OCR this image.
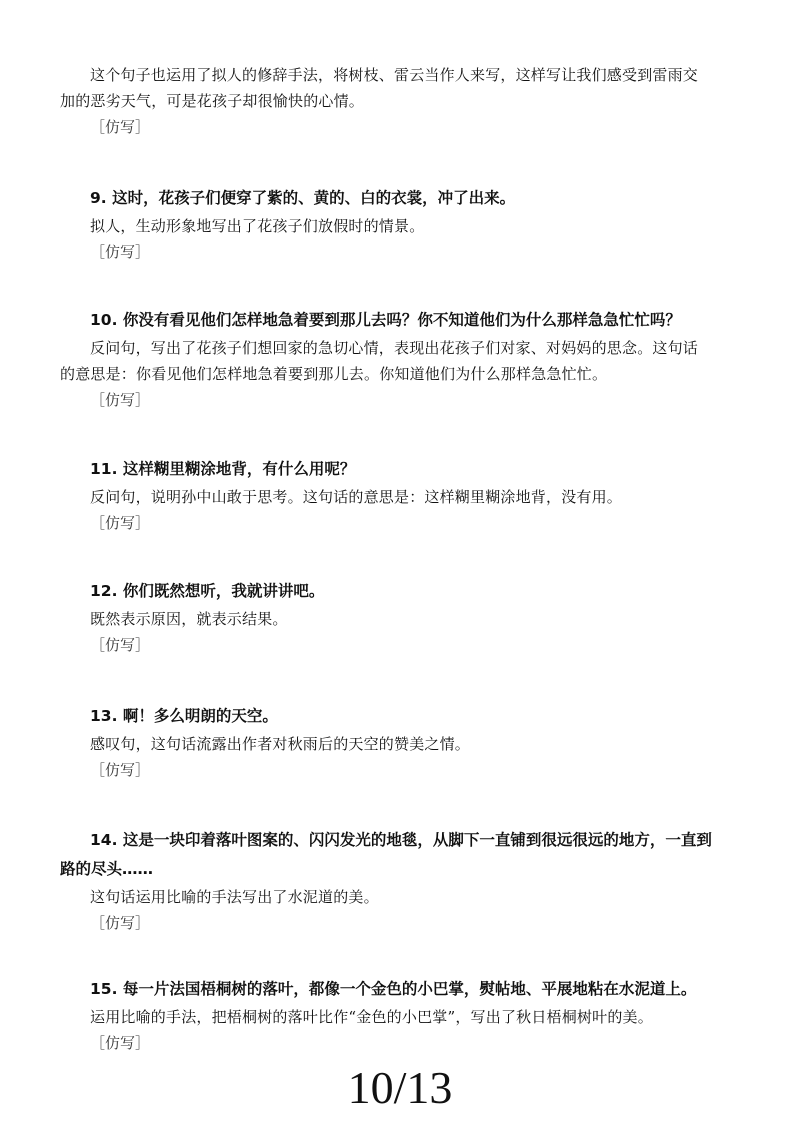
这个句子也运用了拟人的修辞手法，将树枝、雷云当作人来写，这样写让我们感受到雷雨交
加的恶劣天气，可是花孩子却很愉快的心情。
［仿写］
9. 这时，花孩子们便穿了紫的、黄的、白的衣裳，冲了出来。
拟人，生动形象地写出了花孩子们放假时的情景。
［仿写］
10. 你没有看见他们怎样地急着要到那儿去吗？你不知道他们为什么那样急急忙忙吗？
反问句，写出了花孩子们想回家的急切心情，表现出花孩子们对家、对妈妈的思念。这句话
的意思是：你看见他们怎样地急着要到那儿去。你知道他们为什么那样急急忙忙。
［仿写］
11. 这样糊里糊涂地背，有什么用呢？
反问句，说明孙中山敢于思考。这句话的意思是：这样糊里糊涂地背，没有用。
［仿写］
12. 你们既然想听，我就讲讲吧。
既然表示原因，就表示结果。
［仿写］
13. 啊！多么明朗的天空。
感叹句，这句话流露出作者对秋雨后的天空的赞美之情。
［仿写］
14. 这是一块印着落叶图案的、闪闪发光的地毯，从脚下一直铺到很远很远的地方，一直到
路的尽头……
这句话运用比喻的手法写出了水泥道的美。
［仿写］
15. 每一片法国梧桐树的落叶，都像一个金色的小巴掌，熨帖地、平展地粘在水泥道上。
运用比喻的手法，把梧桐树的落叶比作“金色的小巴掌”，写出了秋日梧桐树叶的美。
［仿写］
10/13
